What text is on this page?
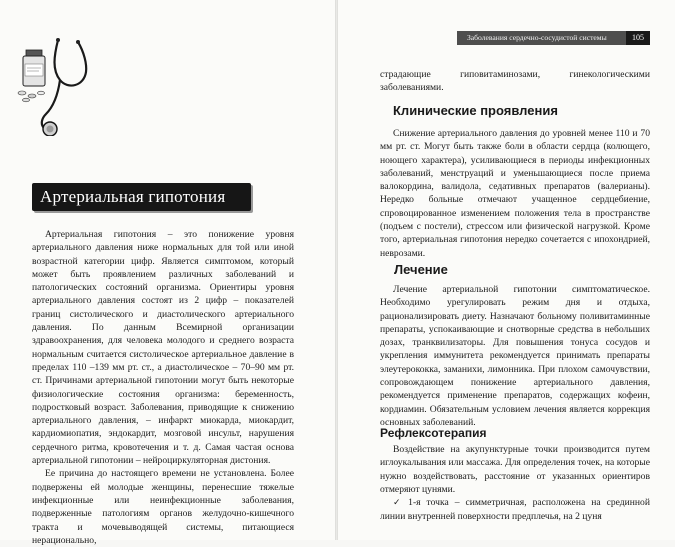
Заболевания сердечно-сосудистой системы	105
Артериальная гипотония

Артериальная гипотония – это понижение уровня артериального давления ниже нормальных для той или иной возрастной категории цифр. Является симптомом, который может быть проявлением различных заболеваний и патологических состояний организма. Ориентиры уровня артериального давления состоят из 2 цифр – показателей границ систолического и диастолического артериального давления. По данным Всемирной организации здравоохранения, для человека молодого и среднего возраста нормальным считается систолическое артериальное давление в пределах 110 –139 мм рт. ст., а диастолическое – 70–90 мм рт. ст. Причинами артериальной гипотонии могут быть некоторые физиологические состояния организма: беременность, подростковый возраст. Заболевания, приводящие к снижению артериального давления, – инфаркт миокарда, миокардит, кардиомиопатия, эндокардит, мозговой инсульт, нарушения сердечного ритма, кровотечения и т. д. Самая частая основа артериальной гипотонии – нейроциркуляторная дистония.

Ее причина до настоящего времени не установлена. Более подвержены ей молодые женщины, перенесшие тяжелые инфекционные или неинфекционные заболевания, подверженные патологиям органов желудочно-кишечного тракта и мочевыводящей системы, питающиеся нерационально,

страдающие гиповитаминозами, гинекологическими заболеваниями.

Клинические проявления

Снижение артериального давления до уровней менее 110 и 70 мм рт. ст. Могут быть также боли в области сердца (колющего, ноющего характера), усиливающиеся в периоды инфекционных заболеваний, менструаций и уменьшающиеся после приема валокордина, валидола, седативных препаратов (валерианы). Нередко больные отмечают учащенное сердцебиение, спровоцированное изменением положения тела в пространстве (подъем с постели), стрессом или физической нагрузкой. Кроме того, артериальная гипотония нередко сочетается с ипохондрией, неврозами.

Лечение

Лечение артериальной гипотонии симптоматическое. Необходимо урегулировать режим дня и отдыха, рационализировать диету. Назначают больному поливитаминные препараты, успокаивающие и снотворные средства в небольших дозах, транквилизаторы. Для повышения тонуса сосудов и укрепления иммунитета рекомендуется принимать препараты элеутерококка, заманихи, лимонника. При плохом самочувствии, сопровождающем понижение артериального давления, рекомендуется применение препаратов, содержащих кофеин, кордиамин. Обязательным условием лечения является коррекция основных заболеваний.

Рефлексотерапия

Воздействие на акупунктурные точки производится путем иглоукалывания или массажа. Для определения точек, на которые нужно воздействовать, расстояние от указанных ориентиров отмеряют цунями.

✓ 1-я точка – симметричная, расположена на срединной линии внутренней поверхности предплечья, на 2 цуня
